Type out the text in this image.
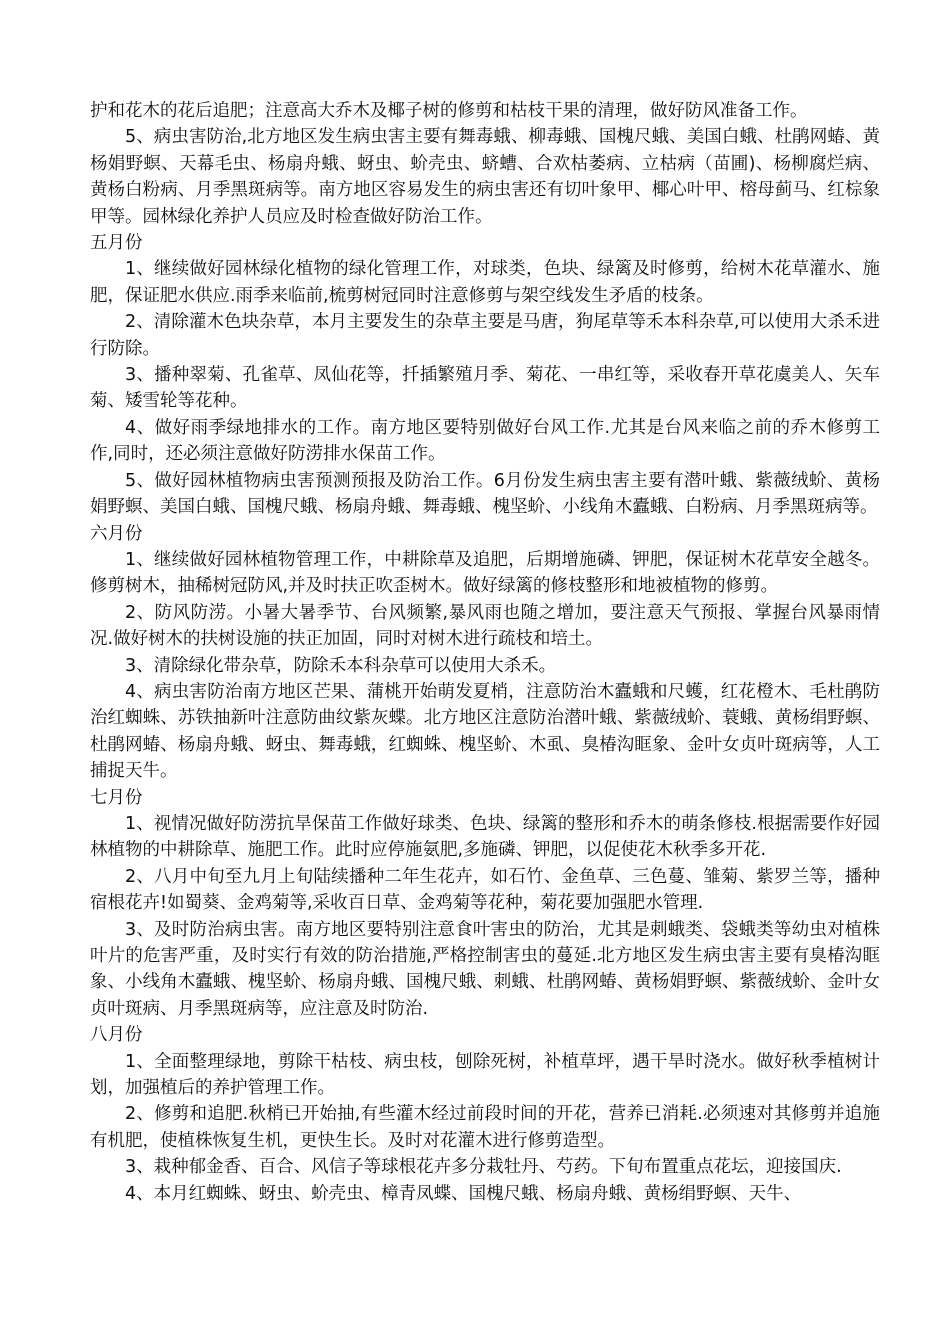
护和花木的花后追肥；注意高大乔木及椰子树的修剪和枯枝干果的清理，做好防风准备工作。

5、病虫害防治,北方地区发生病虫害主要有舞毒蛾、柳毒蛾、国槐尺蛾、美国白蛾、杜鹃网蝽、黄杨娟野螟、天幕毛虫、杨扇舟蛾、蚜虫、蚧壳虫、蛴螬、合欢枯萎病、立枯病（苗圃)、杨柳腐烂病、黄杨白粉病、月季黑斑病等。南方地区容易发生的病虫害还有切叶象甲、椰心叶甲、榕母蓟马、红棕象甲等。园林绿化养护人员应及时检查做好防治工作。

五月份

1、继续做好园林绿化植物的绿化管理工作，对球类，色块、绿篱及时修剪，给树木花草灌水、施肥，保证肥水供应.雨季来临前,梳剪树冠同时注意修剪与架空线发生矛盾的枝条。

2、清除灌木色块杂草，本月主要发生的杂草主要是马唐，狗尾草等禾本科杂草,可以使用大杀禾进行防除。

3、播种翠菊、孔雀草、凤仙花等，扦插繁殖月季、菊花、一串红等，采收春开草花虞美人、矢车菊、矮雪轮等花种。

4、做好雨季绿地排水的工作。南方地区要特别做好台风工作.尤其是台风来临之前的乔木修剪工作,同时，还必须注意做好防涝排水保苗工作。

5、做好园林植物病虫害预测预报及防治工作。6月份发生病虫害主要有潜叶蛾、紫薇绒蚧、黄杨娟野螟、美国白蛾、国槐尺蛾、杨扇舟蛾、舞毒蛾、槐坚蚧、小线角木蠹蛾、白粉病、月季黑斑病等。

六月份

1、继续做好园林植物管理工作，中耕除草及追肥，后期增施磷、钾肥，保证树木花草安全越冬。修剪树木，抽稀树冠防风,并及时扶正吹歪树木。做好绿篱的修枝整形和地被植物的修剪。

2、防风防涝。小暑大暑季节、台风频繁,暴风雨也随之增加，要注意天气预报、掌握台风暴雨情况.做好树木的扶树设施的扶正加固，同时对树木进行疏枝和培土。

3、清除绿化带杂草，防除禾本科杂草可以使用大杀禾。

4、病虫害防治南方地区芒果、蒲桃开始萌发夏梢，注意防治木蠹蛾和尺蠖，红花橙木、毛杜鹃防治红蜘蛛、苏铁抽新叶注意防曲纹紫灰蝶。北方地区注意防治潜叶蛾、紫薇绒蚧、蓑蛾、黄杨绢野螟、杜鹃网蝽、杨扇舟蛾、蚜虫、舞毒蛾，红蜘蛛、槐坚蚧、木虱、臭椿沟眶象、金叶女贞叶斑病等，人工捕捉天牛。

七月份

1、视情况做好防涝抗旱保苗工作做好球类、色块、绿篱的整形和乔木的萌条修枝.根据需要作好园林植物的中耕除草、施肥工作。此时应停施氨肥,多施磷、钾肥，以促使花木秋季多开花.

2、八月中旬至九月上旬陆续播种二年生花卉，如石竹、金鱼草、三色蔓、雏菊、紫罗兰等，播种宿根花卉!如蜀葵、金鸡菊等,采收百日草、金鸡菊等花种，菊花要加强肥水管理.

3、及时防治病虫害。南方地区要特别注意食叶害虫的防治，尤其是刺蛾类、袋蛾类等幼虫对植株叶片的危害严重，及时实行有效的防治措施,严格控制害虫的蔓延.北方地区发生病虫害主要有臭椿沟眶象、小线角木蠹蛾、槐坚蚧、杨扇舟蛾、国槐尺蛾、刺蛾、杜鹃网蝽、黄杨娟野螟、紫薇绒蚧、金叶女贞叶斑病、月季黑斑病等，应注意及时防治.

八月份

1、全面整理绿地，剪除干枯枝、病虫枝，刨除死树，补植草坪，遇干旱时浇水。做好秋季植树计划，加强植后的养护管理工作。

2、修剪和追肥.秋梢已开始抽,有些灌木经过前段时间的开花，营养已消耗.必须速对其修剪并追施有机肥，使植株恢复生机，更快生长。及时对花灌木进行修剪造型。

3、栽种郁金香、百合、风信子等球根花卉多分栽牡丹、芍药。下旬布置重点花坛，迎接国庆.

4、本月红蜘蛛、蚜虫、蚧壳虫、樟青凤蝶、国槐尺蛾、杨扇舟蛾、黄杨绢野螟、天牛、
